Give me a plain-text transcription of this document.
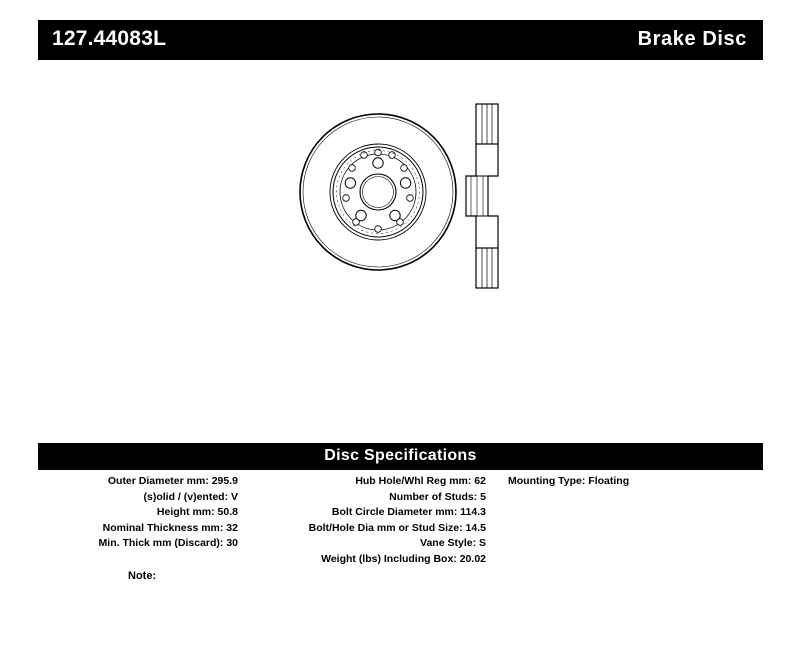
127.44083L	Brake Disc
Disc Specifications
Outer Diameter mm: 295.9
(s)olid / (v)ented: V
Height mm: 50.8
Nominal Thickness mm: 32
Min. Thick mm (Discard): 30
Hub Hole/Whl Reg mm: 62
Number of Studs: 5
Bolt Circle Diameter mm: 114.3
Bolt/Hole Dia mm or Stud Size: 14.5
Vane Style: S
Weight (lbs) Including Box: 20.02
Mounting Type: Floating
Note:
